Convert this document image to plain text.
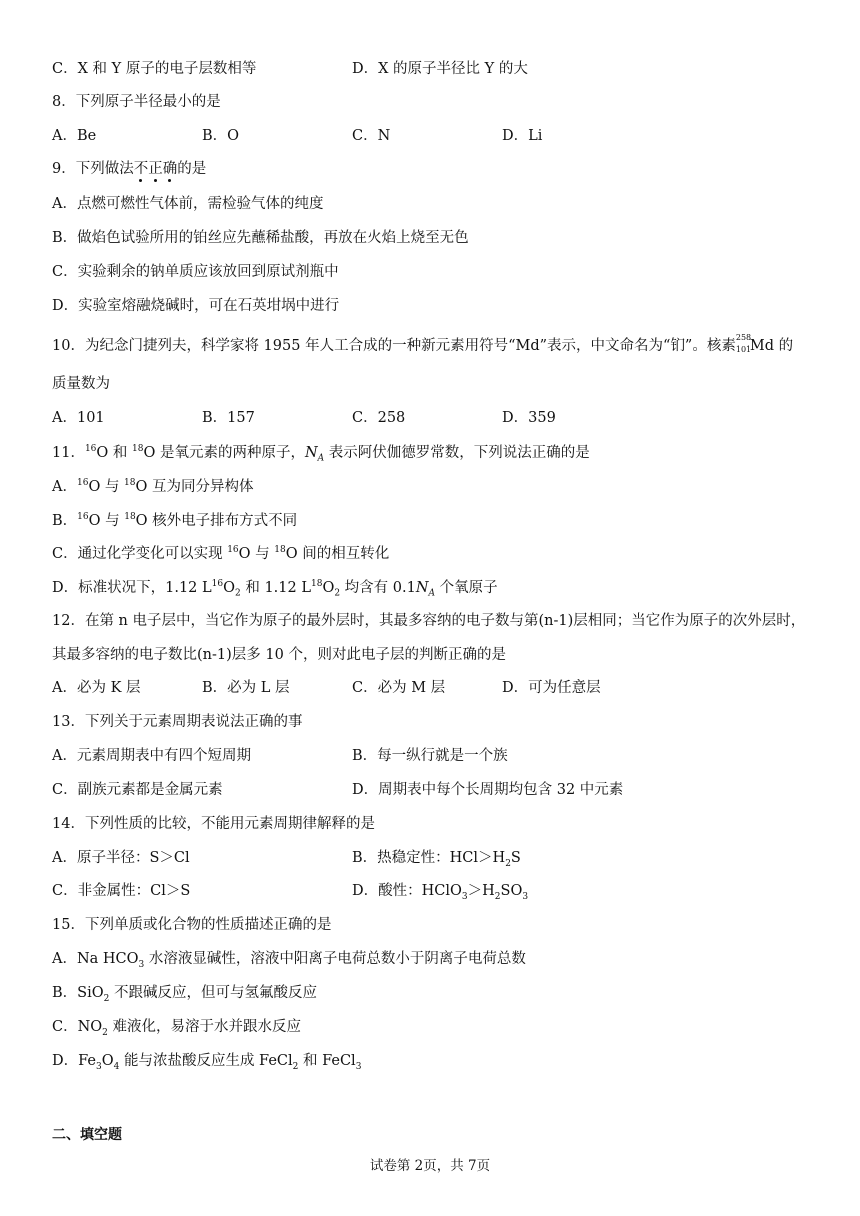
C．X 和 Y 原子的电子层数相等	D．X 的原子半径比 Y 的大
8．下列原子半径最小的是
A．Be	B．O	C．N	D．Li
9．下列做法不正确的是
A．点燃可燃性气体前，需检验气体的纯度
B．做焰色试验所用的铂丝应先蘸稀盐酸，再放在火焰上烧至无色
C．实验剩余的钠单质应该放回到原试剂瓶中
D．实验室熔融烧碱时，可在石英坩埚中进行
10．为纪念门捷列夫，科学家将 1955 年人工合成的一种新元素用符号“Md”表示，中文命名为“钔”。核素
258
101
Md 的
质量数为
A．101	B．157	C．258	D．359
11．$^{16}$O 和 $^{18}$O 是氧元素的两种原子，$N_A$ 表示阿伏伽德罗常数，下列说法正确的是
A．$^{16}$O 与 $^{18}$O 互为同分异构体
B．$^{16}$O 与 $^{18}$O 核外电子排布方式不同
C．通过化学变化可以实现 $^{16}$O 与 $^{18}$O 间的相互转化
D．标准状况下，1.12 $L^{16}O_2$ 和 1.12 $L^{18}O_2$ 均含有 $0.1N_A$ 个氧原子
12．在第 n 电子层中，当它作为原子的最外层时，其最多容纳的电子数与第(n-1)层相同；当它作为原子的次外层时，
其最多容纳的电子数比(n-1)层多 10 个，则对此电子层的判断正确的是
A．必为 K 层	B．必为 L 层	C．必为 M 层	D．可为任意层
13．下列关于元素周期表说法正确的事
A．元素周期表中有四个短周期	B．每一纵行就是一个族
C．副族元素都是金属元素	D．周期表中每个长周期均包含 32 中元素
14．下列性质的比较，不能用元素周期律解释的是
A．原子半径：S＞Cl	B．热稳定性：$HCl>H_2S$
C．非金属性：Cl＞S	D．酸性：$HClO_3>H_2SO_3$
15．下列单质或化合物的性质描述正确的是
A．Na $HCO_3$ 水溶液显碱性，溶液中阳离子电荷总数小于阴离子电荷总数
B．SiO$_2$ 不跟碱反应，但可与氢氟酸反应
C．$NO_2$ 难液化，易溶于水并跟水反应
D．$Fe_3O_4$ 能与浓盐酸反应生成 FeCl$_2$ 和 FeCl$_3$
二、填空题
试卷第 2页，共 7页
